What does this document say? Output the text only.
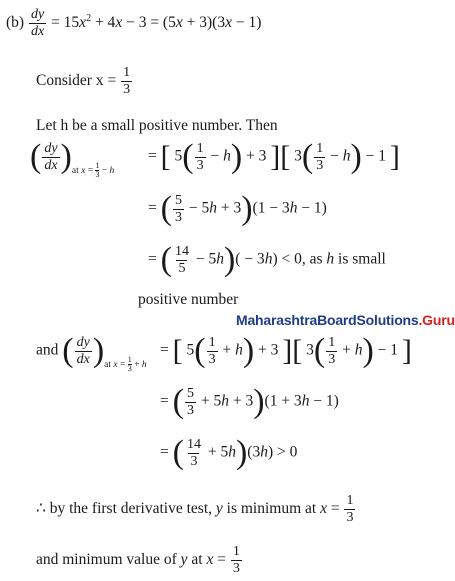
$(b) \frac{dy}{dx} = 15x^2 + 4x - 3 = (5x + 3)(3x - 1)$
Consider $x = \frac{1}{3}$
Let h be a small positive number. Then
( $\frac{dy}{dx} )_{at x = \frac{1}{3} - h}$
= [ $5( \frac{1}{3} - h) + 3$ ][ $3( \frac{1}{3} - h) - 1$ ]
= ( $\frac{5}{3} - 5h + 3)(1 - 3h - 1)$
= ( $\frac{14}{5} - 5h)( - 3h) < 0$, as h is small
positive number
MaharashtraBoardSolutions.Guru
and ( $\frac{dy}{dx} )_{at x = \frac{1}{3} + h}$
= [ $5( \frac{1}{3} + h) + 3$ ][ $3( \frac{1}{3} + h) - 1$ ]
= ( $\frac{5}{3} + 5h + 3)(1 + 3h - 1)$
= ( $\frac{14}{3} + 5h)(3h) > 0$
∴ by the first derivative test, y is minimum at $x = \frac{1}{3}$
and minimum value of y at $x = \frac{1}{3}$
